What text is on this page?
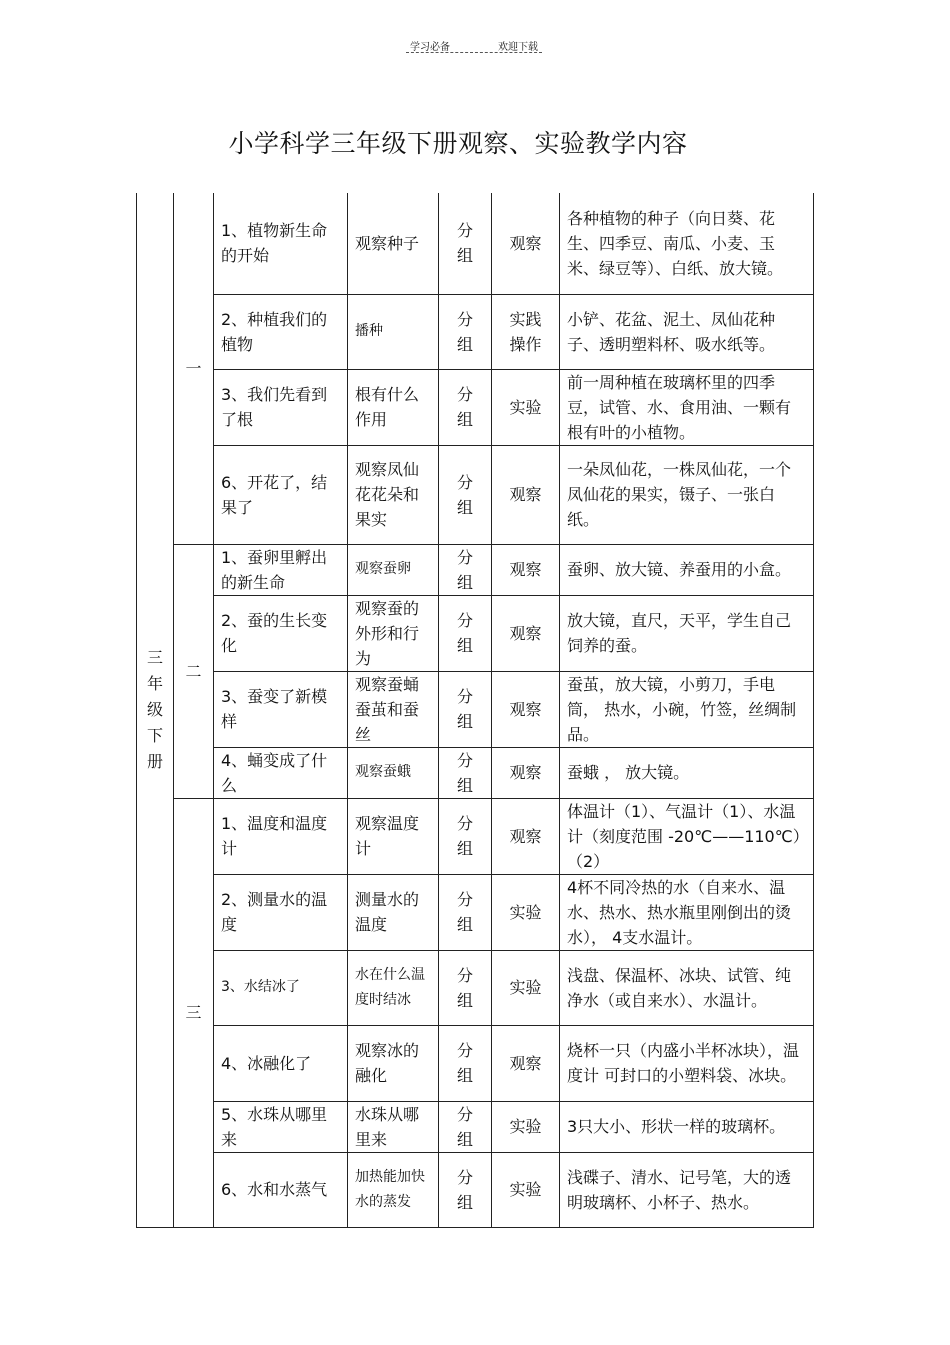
学习必备	欢迎下载
小学科学三年级下册观察、实验教学内容
三年级下册	一	1、植物新生命的开始	观察种子	分组	观察	各种植物的种子（向日葵、花生、四季豆、南瓜、小麦、玉米、绿豆等）、白纸、放大镜。
		2、种植我们的植物	播种	分组	实践操作	小铲、花盆、泥土、凤仙花种子、透明塑料杯、吸水纸等。
		3、我们先看到了根	根有什么作用	分组	实验	前一周种植在玻璃杯里的四季豆，试管、水、食用油、一颗有根有叶的小植物。
		6、开花了，结果了	观察凤仙花花朵和果实	分组	观察	一朵凤仙花，一株凤仙花，一个凤仙花的果实，镊子、一张白纸。
	二	1、蚕卵里孵出的新生命	观察蚕卵	分组	观察	蚕卵、放大镜、养蚕用的小盒。
		2、蚕的生长变化	观察蚕的外形和行为	分组	观察	放大镜，直尺，天平，学生自己饲养的蚕。
		3、蚕变了新模样	观察蚕蛹蚕茧和蚕丝	分组	观察	蚕茧，放大镜，小剪刀，手电筒， 热水，小碗，竹签，丝绸制品。
		4、蛹变成了什么	观察蚕蛾	分组	观察	蚕蛾 ， 放大镜。
	三	1、温度和温度计	观察温度计	分组	观察	体温计（1）、气温计（1）、水温计（刻度范围 -20℃——110℃）（2）
		2、测量水的温度	测量水的温度	分组	实验	4杯不同冷热的水（自来水、温水、热水、热水瓶里刚倒出的烫水）， 4支水温计。
		3、水结冰了	水在什么温度时结冰	分组	实验	浅盘、保温杯、冰块、试管、纯净水（或自来水）、水温计。
		4、冰融化了	观察冰的融化	分组	观察	烧杯一只（内盛小半杯冰块），温度计 可封口的小塑料袋、冰块。
		5、水珠从哪里来	水珠从哪里来	分组	实验	3只大小、形状一样的玻璃杯。
		6、水和水蒸气	加热能加快水的蒸发	分组	实验	浅碟子、清水、记号笔，大的透明玻璃杯、小杯子、热水。
